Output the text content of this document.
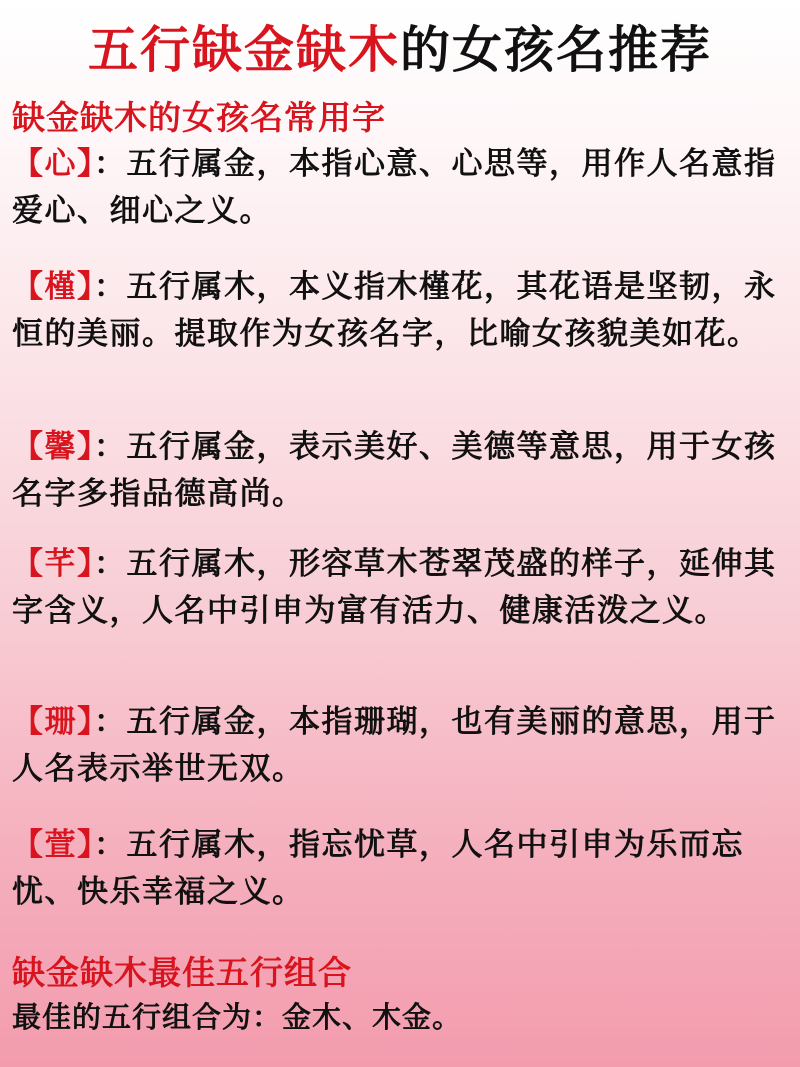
五行缺金缺木的女孩名推荐
缺金缺木的女孩名常用字
【心】：五行属金，本指心意、心思等，用作人名意指爱心、细心之义。
【槿】：五行属木，本义指木槿花，其花语是坚韧，永恒的美丽。提取作为女孩名字，比喻女孩貌美如花。
【馨】：五行属金，表示美好、美德等意思，用于女孩名字多指品德高尚。
【芊】：五行属木，形容草木苍翠茂盛的样子，延伸其字含义，人名中引申为富有活力、健康活泼之义。
【珊】：五行属金，本指珊瑚，也有美丽的意思，用于人名表示举世无双。
【萱】：五行属木，指忘忧草，人名中引申为乐而忘忧、快乐幸福之义。
缺金缺木最佳五行组合
最佳的五行组合为：金木、木金。
